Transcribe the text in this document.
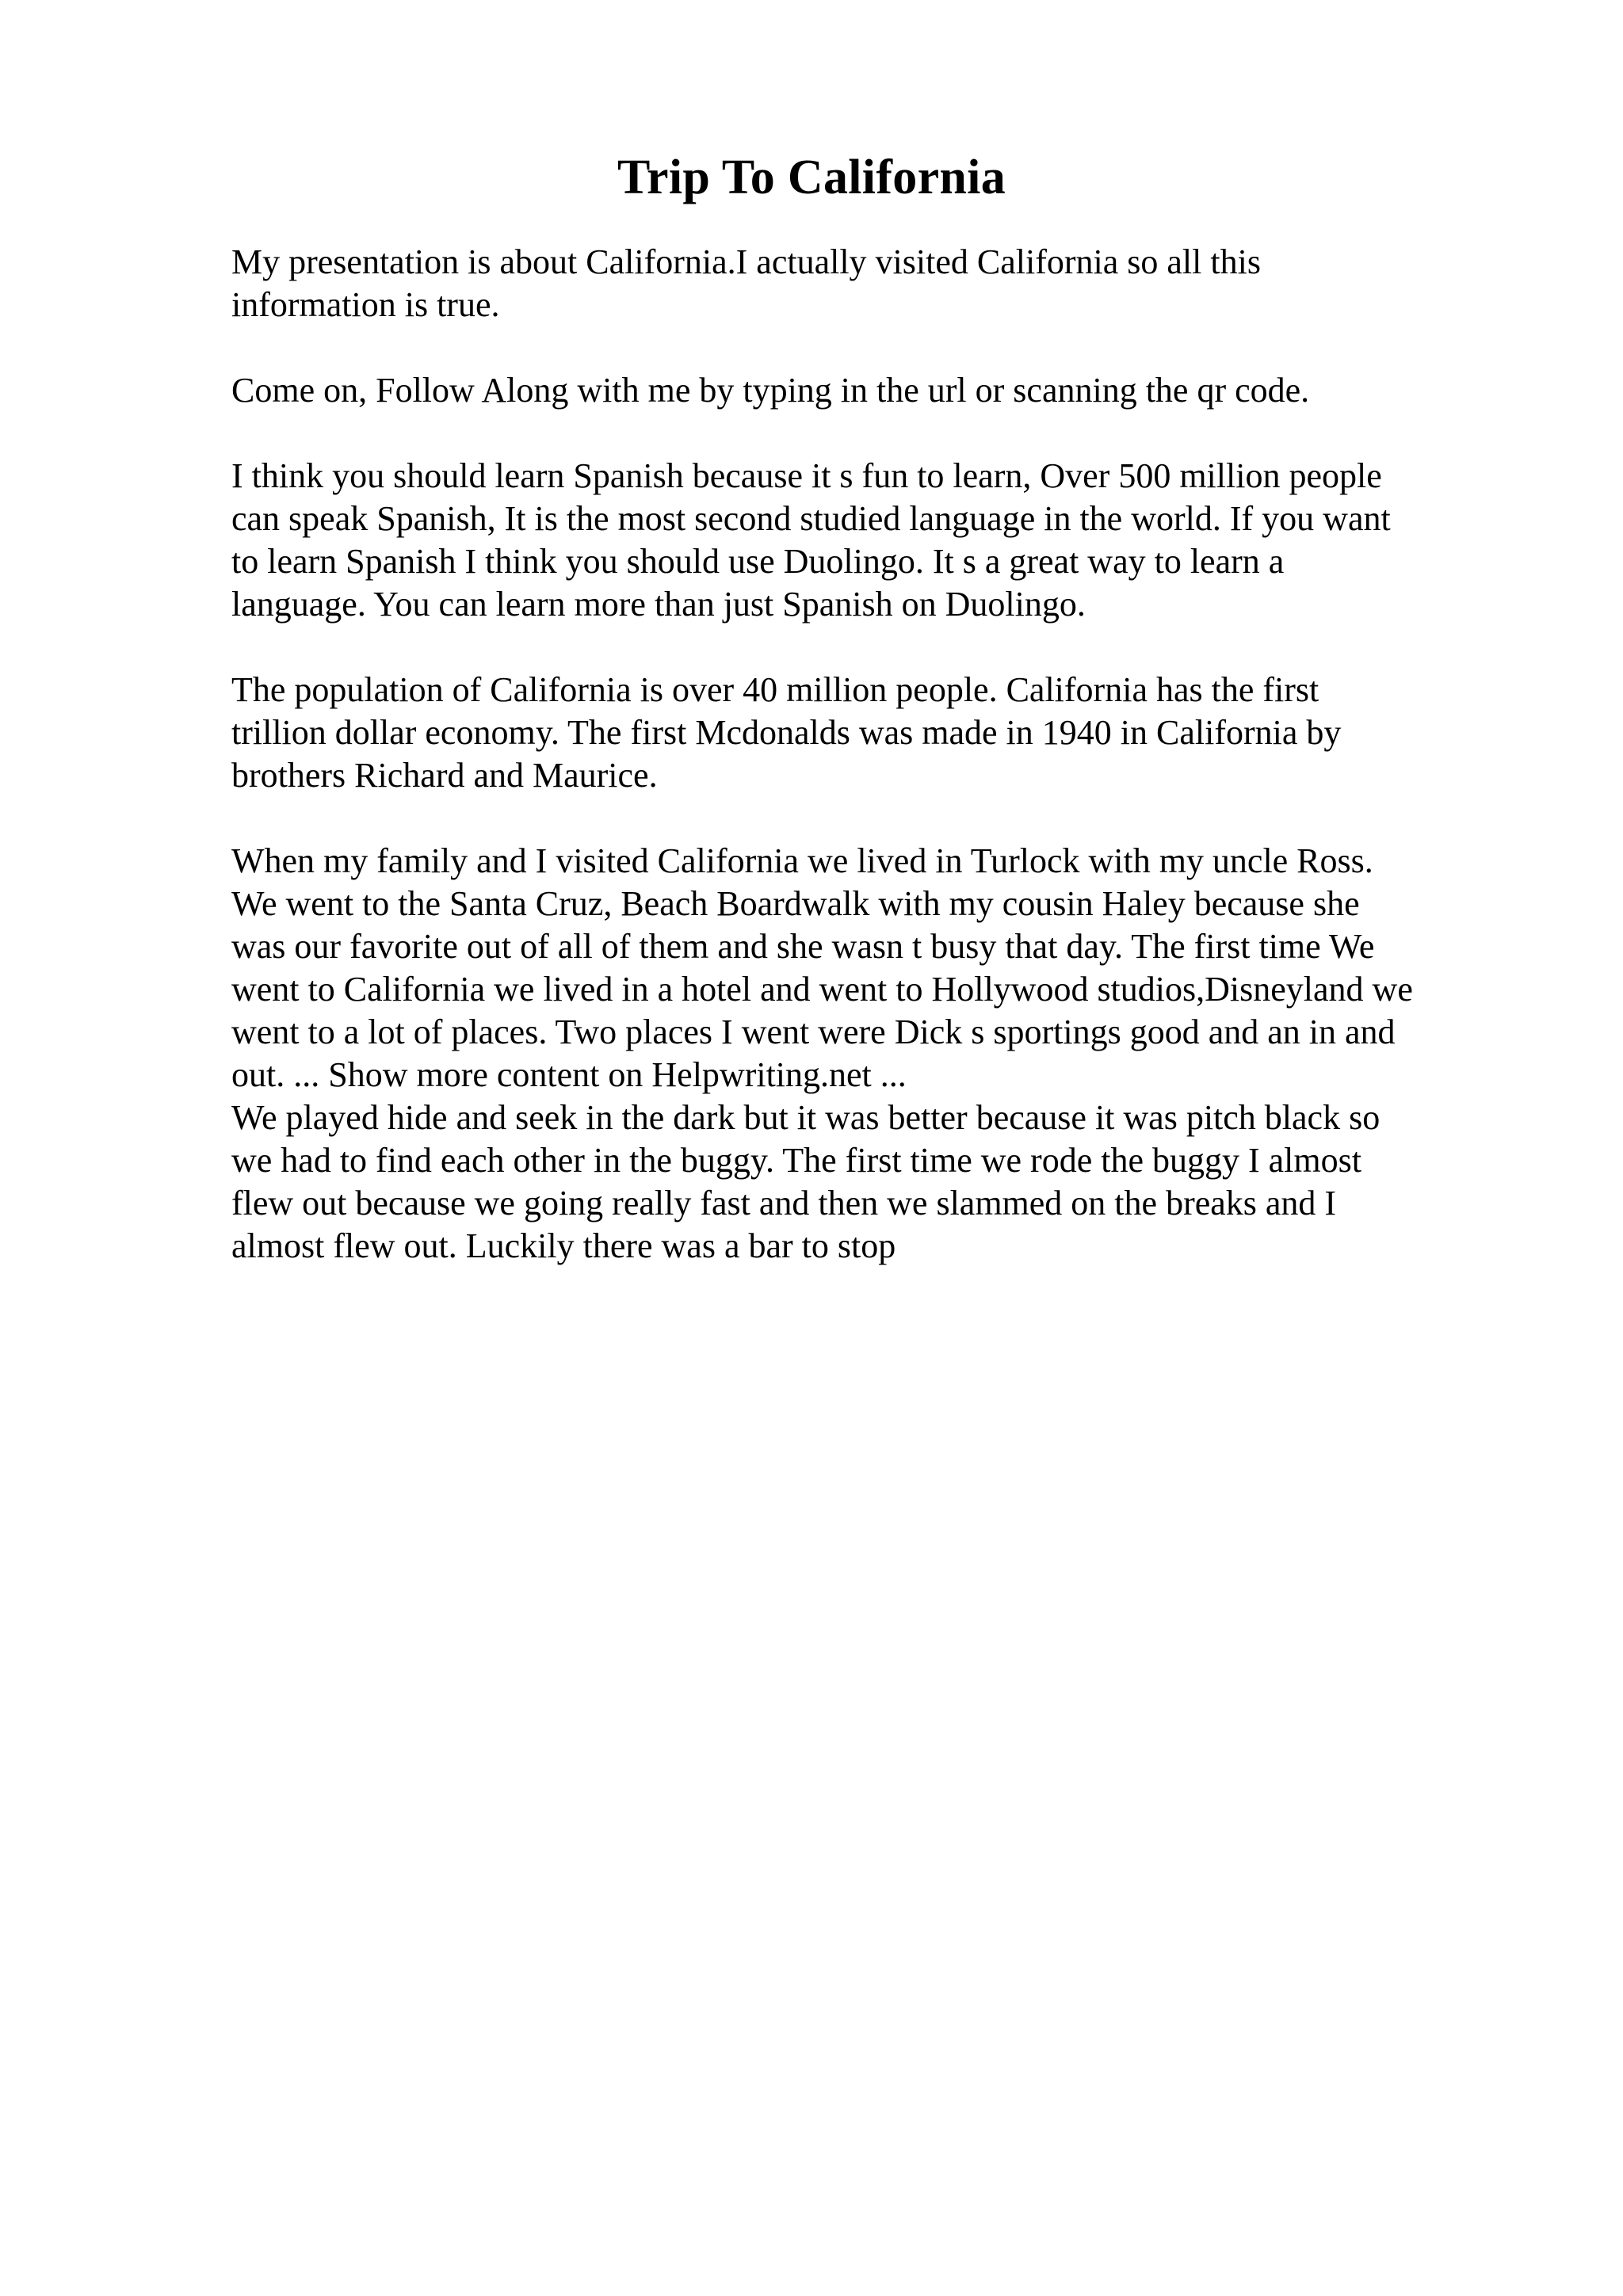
Trip To California

My presentation is about California.I actually visited California so all this
information is true.

Come on, Follow Along with me by typing in the url or scanning the qr code.

I think you should learn Spanish because it s fun to learn, Over 500 million people
can speak Spanish, It is the most second studied language in the world. If you want
to learn Spanish I think you should use Duolingo. It s a great way to learn a
language. You can learn more than just Spanish on Duolingo.

The population of California is over 40 million people. California has the first
trillion dollar economy. The first Mcdonalds was made in 1940 in California by
brothers Richard and Maurice.

When my family and I visited California we lived in Turlock with my uncle Ross.
We went to the Santa Cruz, Beach Boardwalk with my cousin Haley because she
was our favorite out of all of them and she wasn t busy that day. The first time We
went to California we lived in a hotel and went to Hollywood studios,Disneyland we
went to a lot of places. Two places I went were Dick s sportings good and an in and
out. ... Show more content on Helpwriting.net ...

We played hide and seek in the dark but it was better because it was pitch black so
we had to find each other in the buggy. The first time we rode the buggy I almost
flew out because we going really fast and then we slammed on the breaks and I
almost flew out. Luckily there was a bar to stop
